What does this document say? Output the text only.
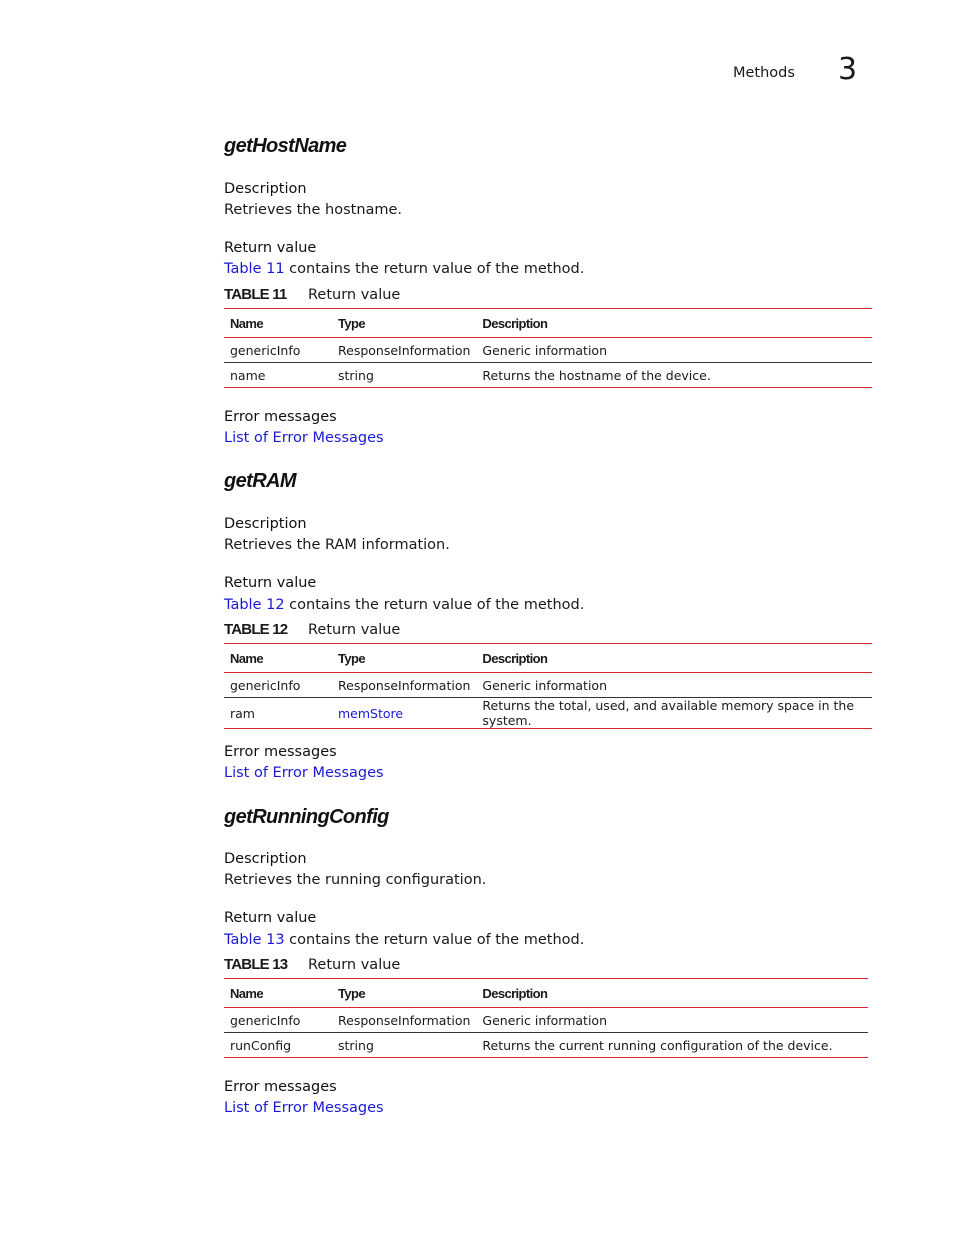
Methods 3
getHostName
Description
Retrieves the hostname.
Return value
Table 11 contains the return value of the method.
TABLE 11 Return value
Name	Type	Description
genericInfo	ResponseInformation	Generic information
name	string	Returns the hostname of the device.
Error messages
List of Error Messages
getRAM
Description
Retrieves the RAM information.
Return value
Table 12 contains the return value of the method.
TABLE 12 Return value
Name	Type	Description
genericInfo	ResponseInformation	Generic information
ram	memStore	Returns the total, used, and available memory space in the system.
Error messages
List of Error Messages
getRunningConfig
Description
Retrieves the running configuration.
Return value
Table 13 contains the return value of the method.
TABLE 13 Return value
Name	Type	Description
genericInfo	ResponseInformation	Generic information
runConfig	string	Returns the current running configuration of the device.
Error messages
List of Error Messages
